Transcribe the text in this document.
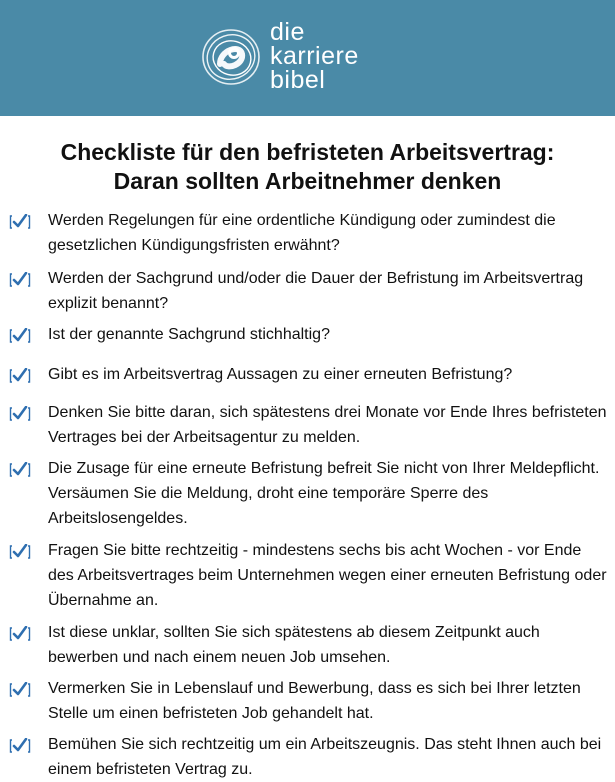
die
karriere
bibel
Checkliste für den befristeten Arbeitsvertrag:
Daran sollten Arbeitnehmer denken
Werden Regelungen für eine ordentliche Kündigung oder zumindest die gesetzlichen Kündigungsfristen erwähnt?
Werden der Sachgrund und/oder die Dauer der Befristung im Arbeitsvertrag explizit benannt?
Ist der genannte Sachgrund stichhaltig?
Gibt es im Arbeitsvertrag Aussagen zu einer erneuten Befristung?
Denken Sie bitte daran, sich spätestens drei Monate vor Ende Ihres befristeten Vertrages bei der Arbeitsagentur zu melden.
Die Zusage für eine erneute Befristung befreit Sie nicht von Ihrer Meldepflicht. Versäumen Sie die Meldung, droht eine temporäre Sperre des Arbeitslosengeldes.
Fragen Sie bitte rechtzeitig - mindestens sechs bis acht Wochen - vor Ende des Arbeitsvertrages beim Unternehmen wegen einer erneuten Befristung oder Übernahme an.
Ist diese unklar, sollten Sie sich spätestens ab diesem Zeitpunkt auch bewerben und nach einem neuen Job umsehen.
Vermerken Sie in Lebenslauf und Bewerbung, dass es sich bei Ihrer letzten Stelle um einen befristeten Job gehandelt hat.
Bemühen Sie sich rechtzeitig um ein Arbeitszeugnis. Das steht Ihnen auch bei einem befristeten Vertrag zu.
